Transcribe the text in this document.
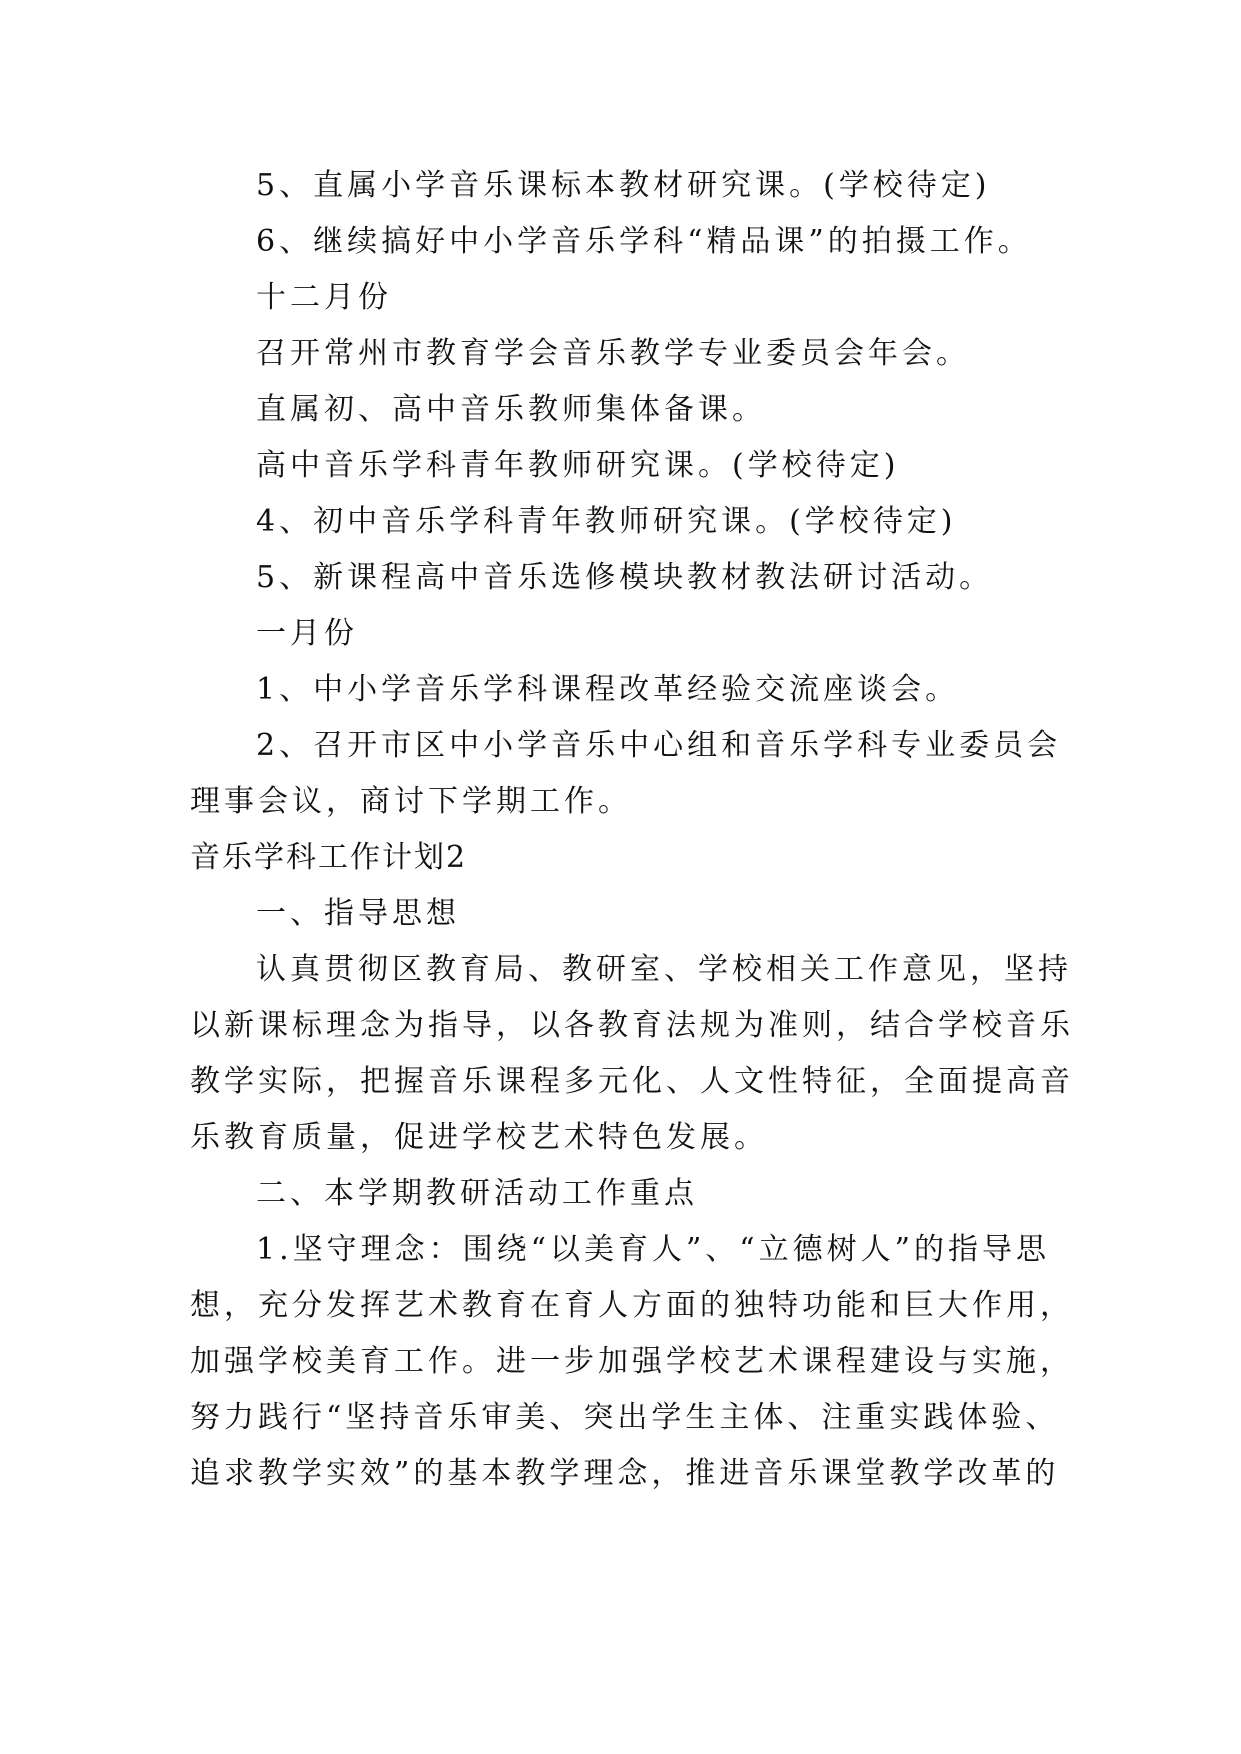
5、直属小学音乐课标本教材研究课。(学校待定)
6、继续搞好中小学音乐学科“精品课”的拍摄工作。
十二月份
召开常州市教育学会音乐教学专业委员会年会。
直属初、高中音乐教师集体备课。
高中音乐学科青年教师研究课。(学校待定)
4、初中音乐学科青年教师研究课。(学校待定)
5、新课程高中音乐选修模块教材教法研讨活动。
一月份
1、中小学音乐学科课程改革经验交流座谈会。
2、召开市区中小学音乐中心组和音乐学科专业委员会
理事会议，商讨下学期工作。
音乐学科工作计划2
一、指导思想
认真贯彻区教育局、教研室、学校相关工作意见，坚持
以新课标理念为指导，以各教育法规为准则，结合学校音乐
教学实际，把握音乐课程多元化、人文性特征，全面提高音
乐教育质量，促进学校艺术特色发展。
二、本学期教研活动工作重点
1.坚守理念：围绕“以美育人”、“立德树人”的指导思
想，充分发挥艺术教育在育人方面的独特功能和巨大作用，
加强学校美育工作。进一步加强学校艺术课程建设与实施，
努力践行“坚持音乐审美、突出学生主体、注重实践体验、
追求教学实效”的基本教学理念，推进音乐课堂教学改革的
